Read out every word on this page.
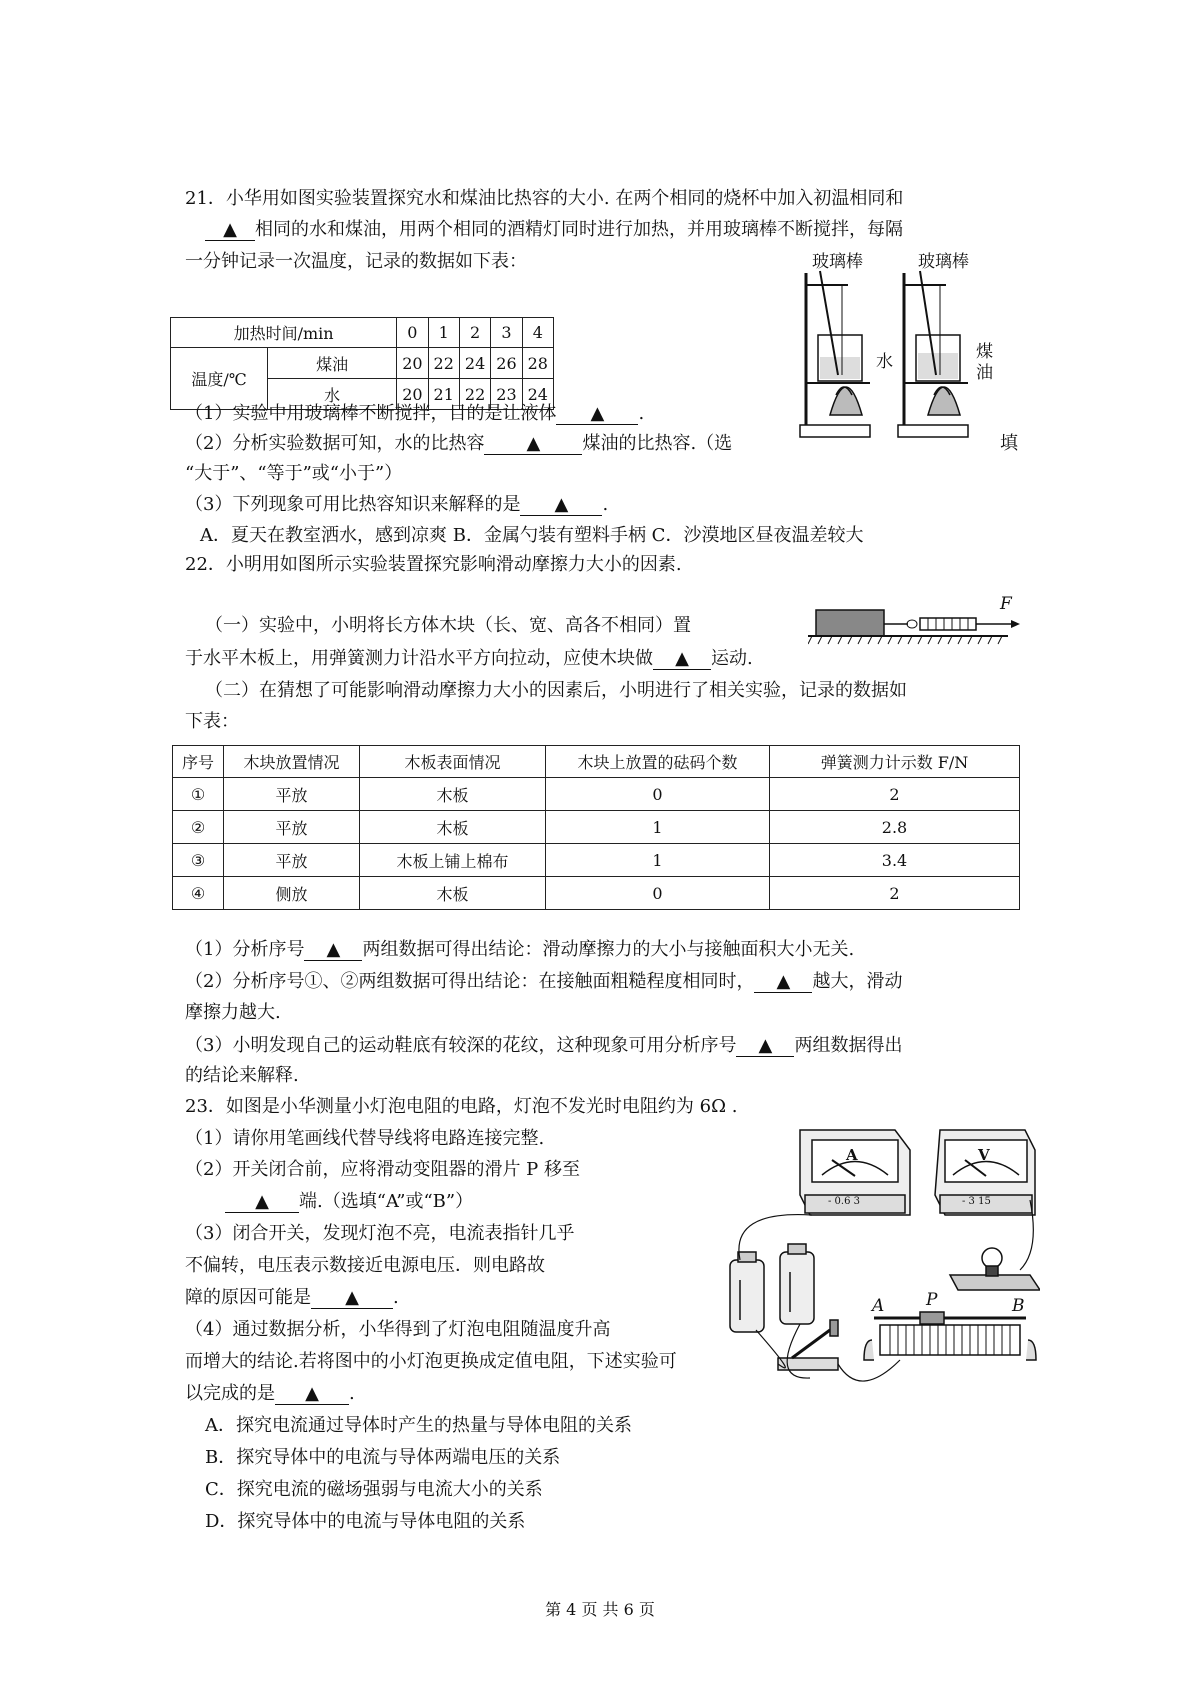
21．小华用如图实验装置探究水和煤油比热容的大小. 在两个相同的烧杯中加入初温相同和
▲ 相同的水和煤油，用两个相同的酒精灯同时进行加热，并用玻璃棒不断搅拌，每隔
一分钟记录一次温度，记录的数据如下表：
加热时间/min		0	1	2	3	4
温度/℃	煤油	20	22	24	26	28
	水	20	21	22	23	24
玻璃棒	玻璃棒
水	煤
油
（1）实验中用玻璃棒不断搅拌，目的是让液体 ▲ .
（2）分析实验数据可知，水的比热容 ▲ 煤油的比热容.（选	填
“大于”、“等于”或“小于”）
（3）下列现象可用比热容知识来解释的是 ▲ .
A．夏天在教室洒水，感到凉爽 B．金属勺装有塑料手柄 C．沙漠地区昼夜温差较大
22．小明用如图所示实验装置探究影响滑动摩擦力大小的因素.
F
（一）实验中，小明将长方体木块（长、宽、高各不相同）置
于水平木板上，用弹簧测力计沿水平方向拉动，应使木块做 ▲ 运动.
（二）在猜想了可能影响滑动摩擦力大小的因素后，小明进行了相关实验，记录的数据如
下表：
序号	木块放置情况	木板表面情况	木块上放置的砝码个数	弹簧测力计示数 F/N
①	平放	木板	0	2
②	平放	木板	1	2.8
③	平放	木板上铺上棉布	1	3.4
④	侧放	木板	0	2
（1）分析序号 ▲ 两组数据可得出结论：滑动摩擦力的大小与接触面积大小无关.
（2）分析序号①、②两组数据可得出结论：在接触面粗糙程度相同时， ▲ 越大，滑动
摩擦力越大.
（3）小明发现自己的运动鞋底有较深的花纹，这种现象可用分析序号 ▲ 两组数据得出
的结论来解释.
23．如图是小华测量小灯泡电阻的电路，灯泡不发光时电阻约为 6Ω .
（1）请你用笔画线代替导线将电路连接完整.
（2）开关闭合前，应将滑动变阻器的滑片 P 移至
▲ 端.（选填“A”或“B”）
（3）闭合开关，发现灯泡不亮，电流表指针几乎
不偏转，电压表示数接近电源电压．则电路故
障的原因可能是 ▲ .
（4）通过数据分析，小华得到了灯泡电阻随温度升高
而增大的结论.若将图中的小灯泡更换成定值电阻，下述实验可
以完成的是 ▲ .
A．探究电流通过导体时产生的热量与导体电阻的关系
B．探究导体中的电流与导体两端电压的关系
C．探究电流的磁场强弱与电流大小的关系
D．探究导体中的电流与导体电阻的关系
A	V
- 0.6 3	- 3 15
A P	B
第 4 页 共 6 页
